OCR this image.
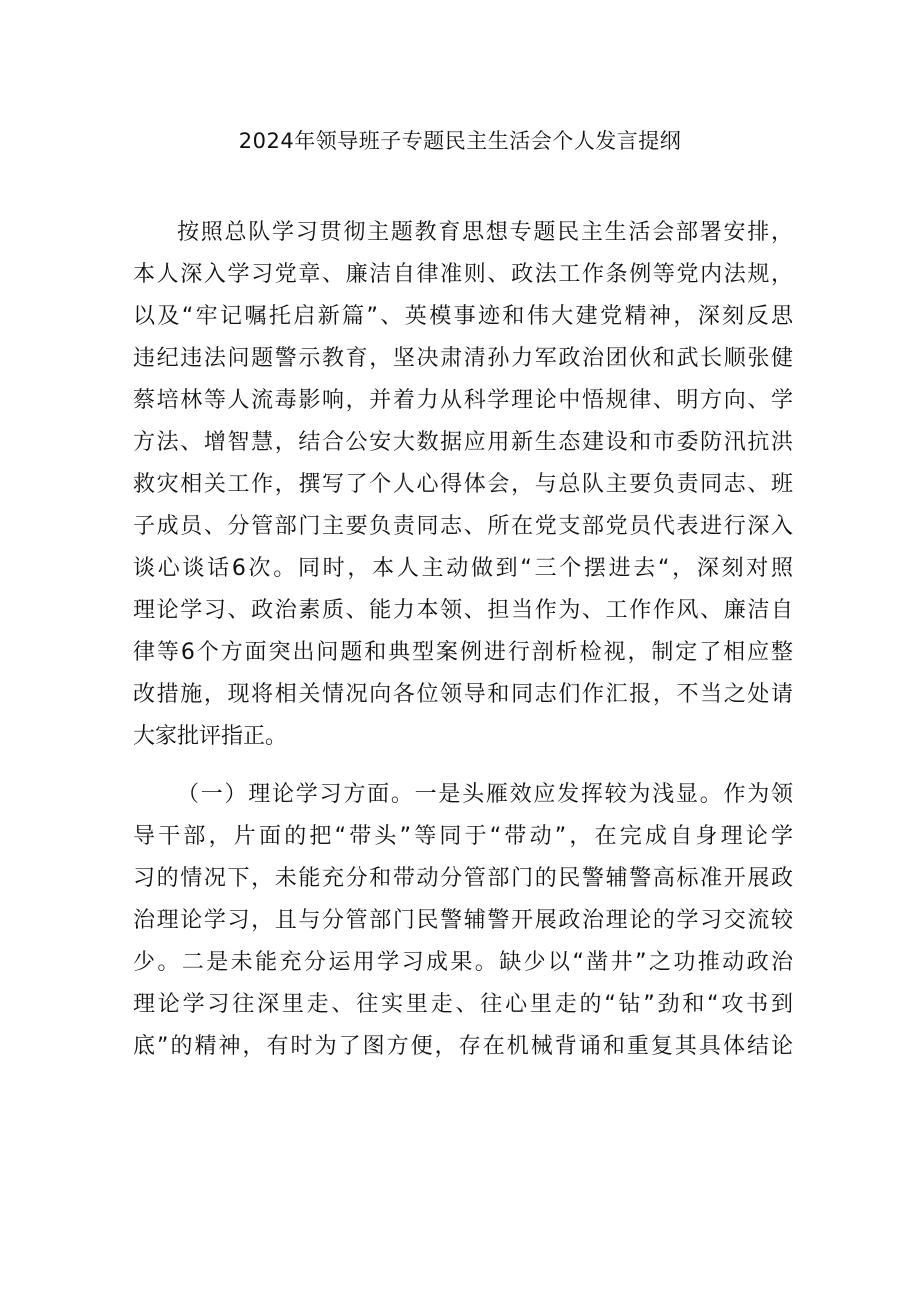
2024年领导班子专题民主生活会个人发言提纲
按照总队学习贯彻主题教育思想专题民主生活会部署安排，
本人深入学习党章、廉洁自律准则、政法工作条例等党内法规，
以及“牢记嘱托启新篇”、英模事迹和伟大建党精神，深刻反思
违纪违法问题警示教育，坚决肃清孙力军政治团伙和武长顺张健
蔡培林等人流毒影响，并着力从科学理论中悟规律、明方向、学
方法、增智慧，结合公安大数据应用新生态建设和市委防汛抗洪
救灾相关工作，撰写了个人心得体会，与总队主要负责同志、班
子成员、分管部门主要负责同志、所在党支部党员代表进行深入
谈心谈话6次。同时，本人主动做到“三个摆进去“，深刻对照
理论学习、政治素质、能力本领、担当作为、工作作风、廉洁自
律等6个方面突出问题和典型案例进行剖析检视，制定了相应整
改措施，现将相关情况向各位领导和同志们作汇报，不当之处请
大家批评指正。
（一）理论学习方面。一是头雁效应发挥较为浅显。作为领
导干部，片面的把“带头”等同于“带动”，在完成自身理论学
习的情况下，未能充分和带动分管部门的民警辅警高标准开展政
治理论学习，且与分管部门民警辅警开展政治理论的学习交流较
少。二是未能充分运用学习成果。缺少以“凿井”之功推动政治
理论学习往深里走、往实里走、往心里走的“钻”劲和“攻书到
底”的精神，有时为了图方便，存在机械背诵和重复其具体结论
